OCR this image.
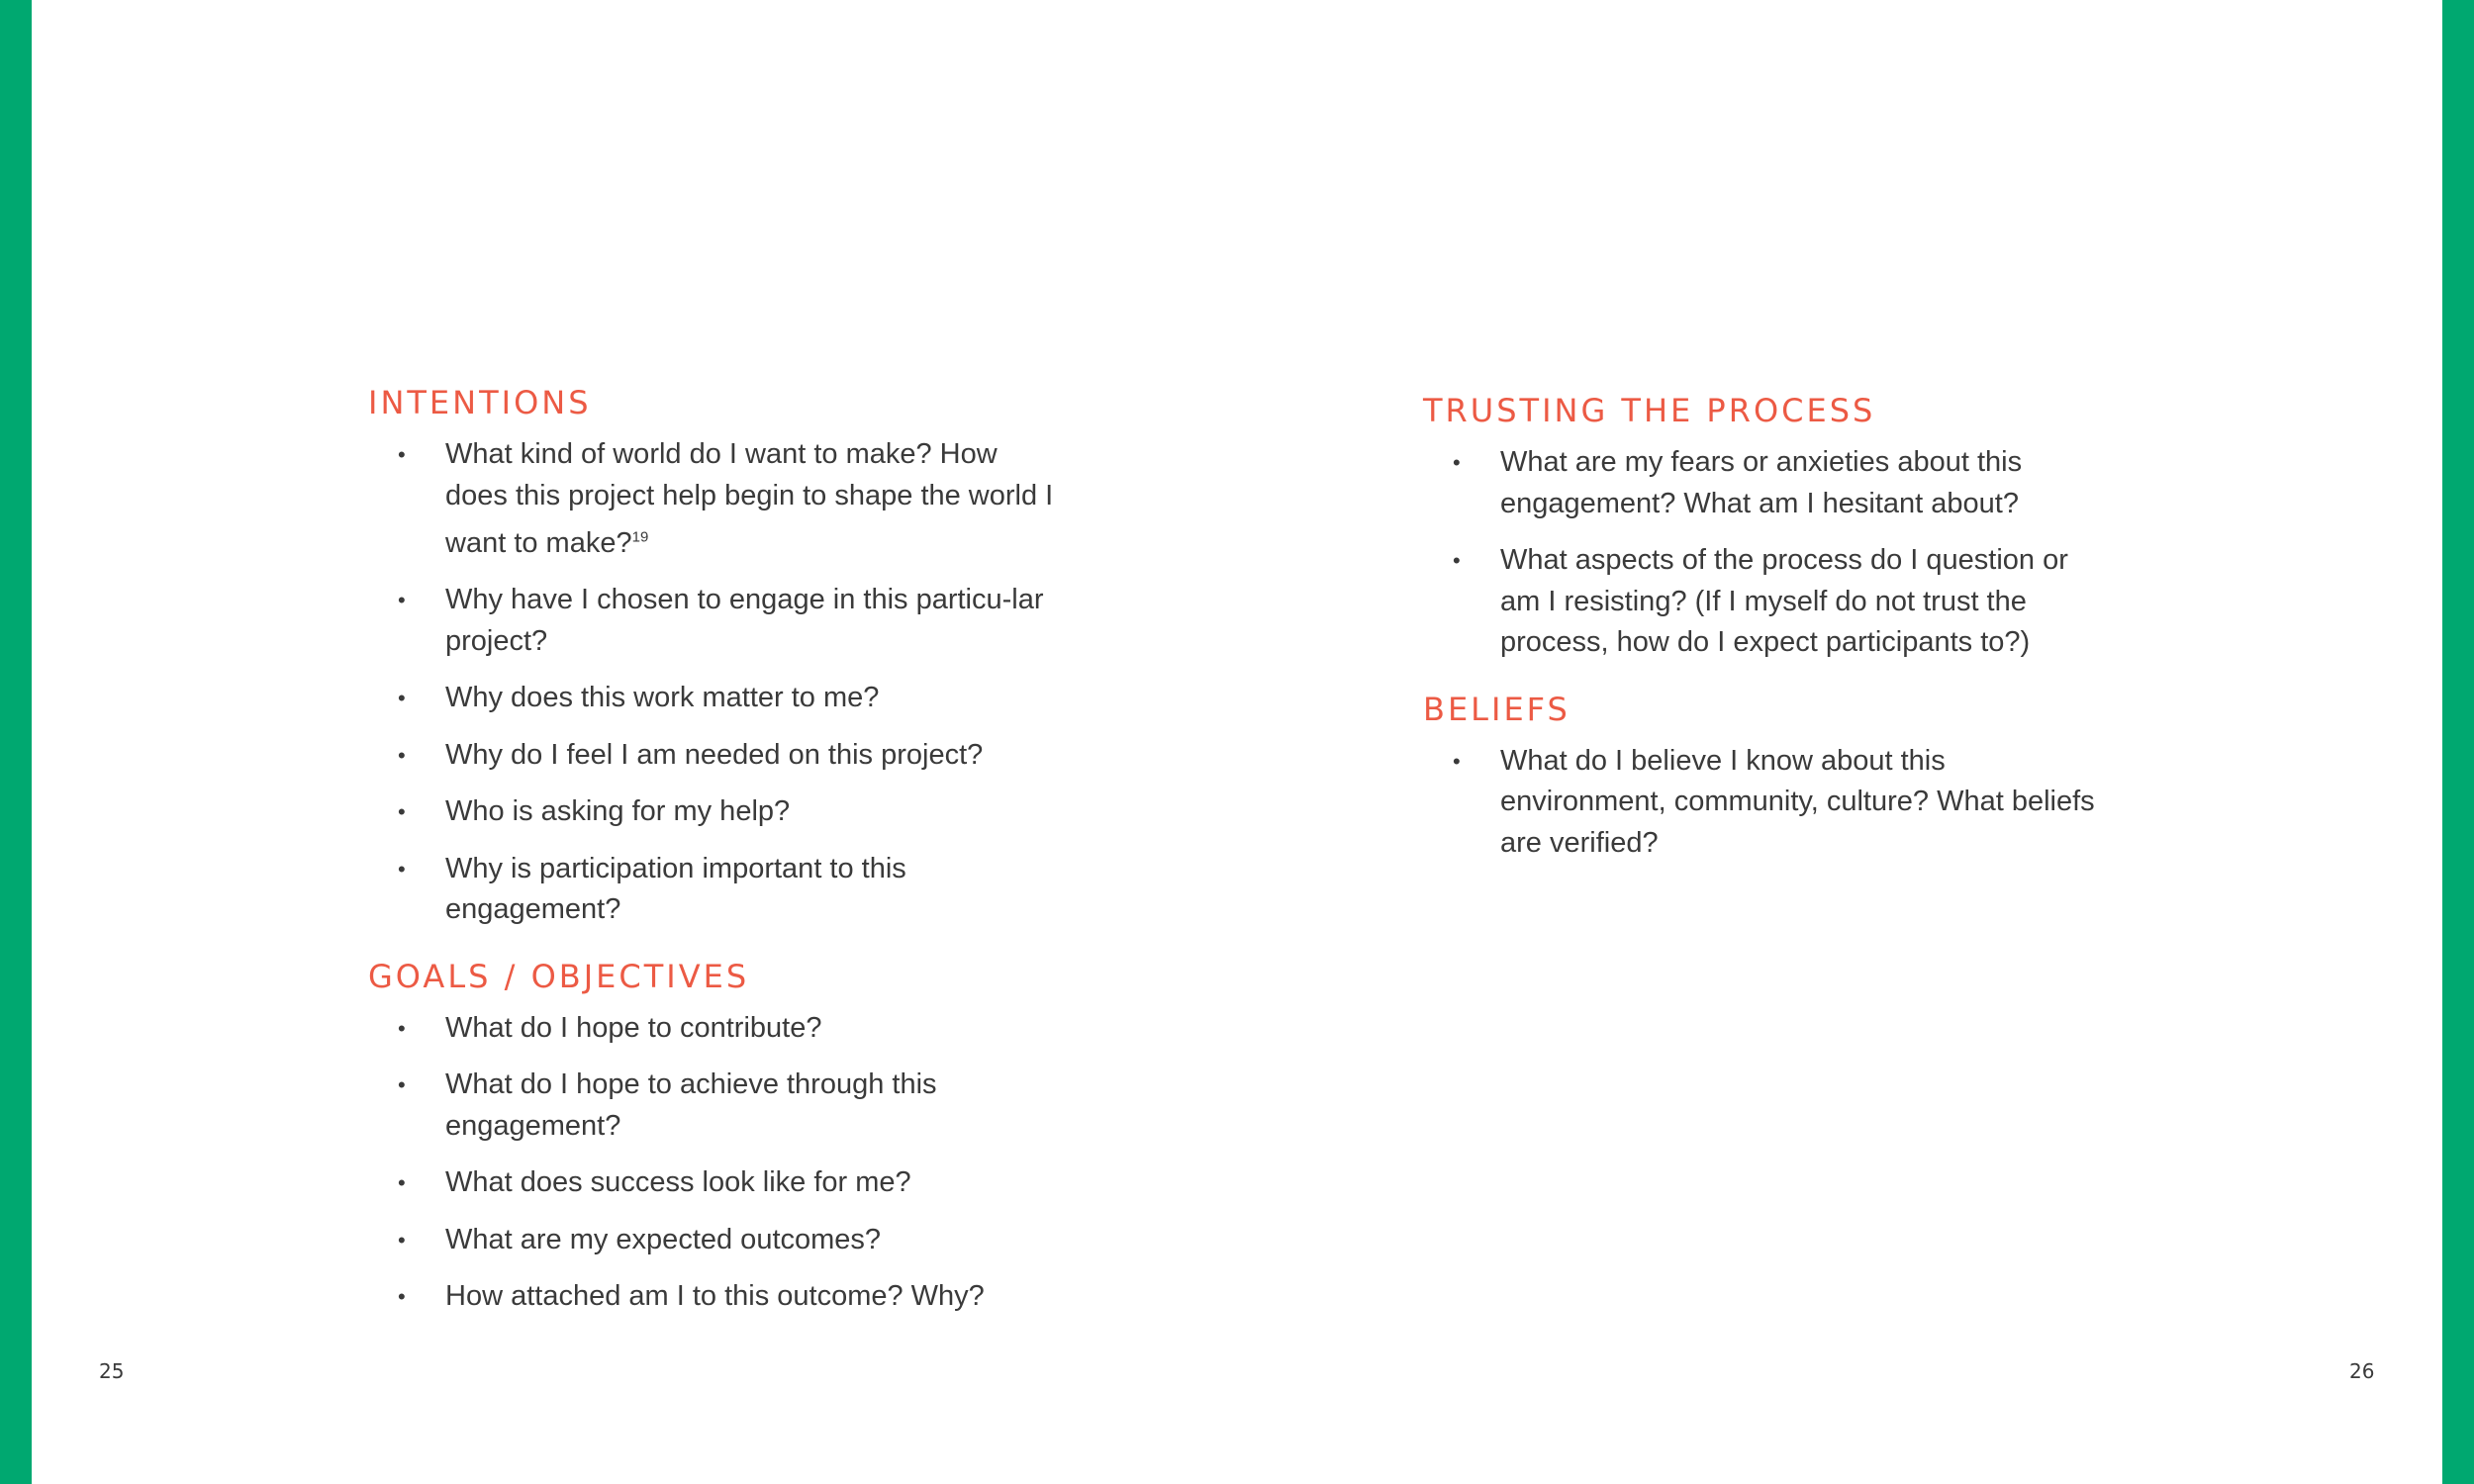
INTENTIONS
• What kind of world do I want to make? How does this project help begin to shape the world I want to make?$^{19}$
• Why have I chosen to engage in this particu-lar project?
• Why does this work matter to me?
• Why do I feel I am needed on this project?
• Who is asking for my help?
• Why is participation important to this engagement?
GOALS / OBJECTIVES
• What do I hope to contribute?
• What do I hope to achieve through this engagement?
• What does success look like for me?
• What are my expected outcomes?
• How attached am I to this outcome? Why?
25
TRUSTING THE PROCESS
• What are my fears or anxieties about this engagement? What am I hesitant about?
• What aspects of the process do I question or am I resisting? (If I myself do not trust the process, how do I expect participants to?)
BELIEFS
• What do I believe I know about this environment, community, culture? What beliefs are verified?
26
